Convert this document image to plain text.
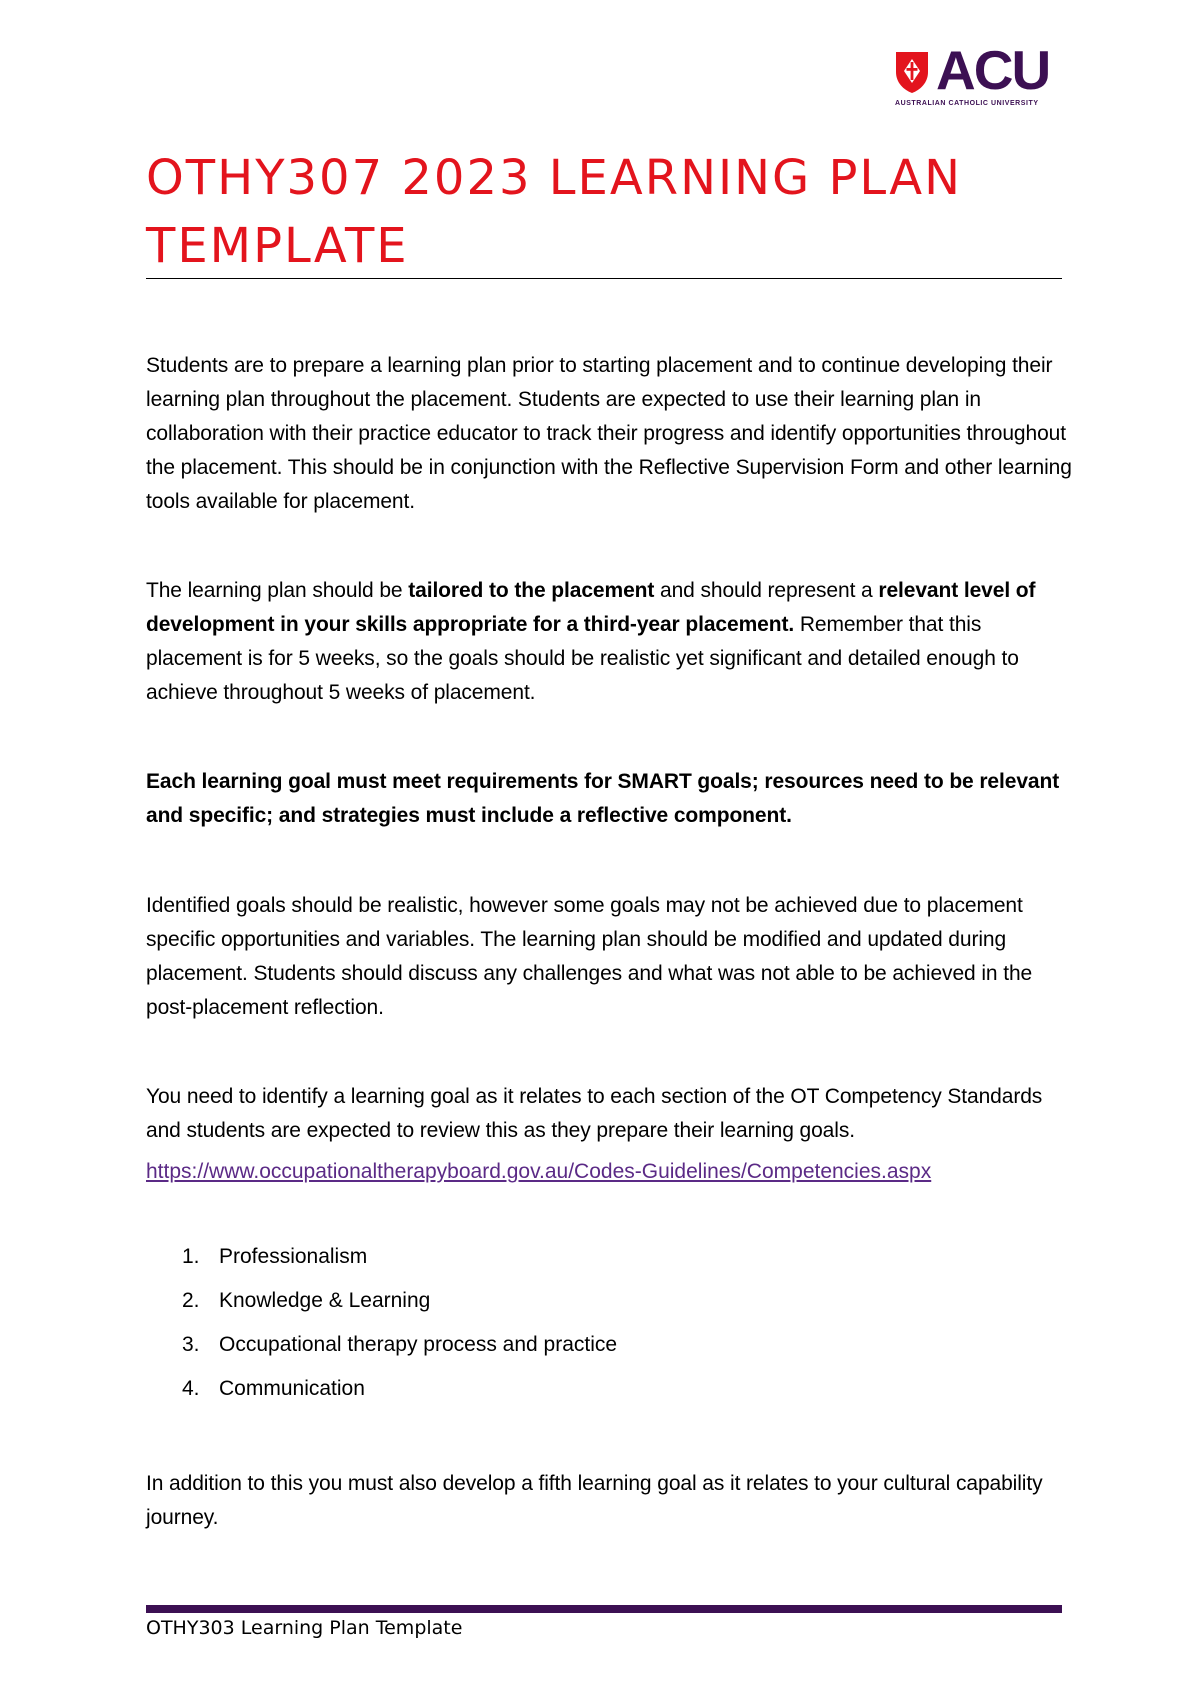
ACU
AUSTRALIAN CATHOLIC UNIVERSITY
OTHY307 2023 LEARNING PLAN TEMPLATE

Students are to prepare a learning plan prior to starting placement and to continue developing their learning plan throughout the placement. Students are expected to use their learning plan in collaboration with their practice educator to track their progress and identify opportunities throughout the placement. This should be in conjunction with the Reflective Supervision Form and other learning tools available for placement.

The learning plan should be tailored to the placement and should represent a relevant level of development in your skills appropriate for a third-year placement. Remember that this placement is for 5 weeks, so the goals should be realistic yet significant and detailed enough to achieve throughout 5 weeks of placement.

Each learning goal must meet requirements for SMART goals; resources need to be relevant and specific; and strategies must include a reflective component.

Identified goals should be realistic, however some goals may not be achieved due to placement specific opportunities and variables. The learning plan should be modified and updated during placement. Students should discuss any challenges and what was not able to be achieved in the post-placement reflection.

You need to identify a learning goal as it relates to each section of the OT Competency Standards and students are expected to review this as they prepare their learning goals.

https://www.occupationaltherapyboard.gov.au/Codes-Guidelines/Competencies.aspx
1. Professionalism
2. Knowledge & Learning
3. Occupational therapy process and practice
4. Communication

In addition to this you must also develop a fifth learning goal as it relates to your cultural capability journey.

OTHY303 Learning Plan Template
